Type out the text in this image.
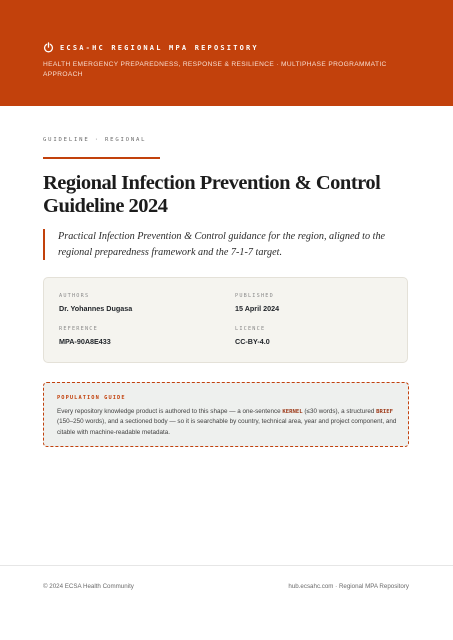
ECSA-HC REGIONAL MPA REPOSITORY
HEALTH EMERGENCY PREPAREDNESS, RESPONSE & RESILIENCE · MULTIPHASE PROGRAMMATIC APPROACH
GUIDELINE · REGIONAL
Regional Infection Prevention & Control Guideline 2024
Practical Infection Prevention & Control guidance for the region, aligned to the regional preparedness framework and the 7-1-7 target.
AUTHORS
Dr. Yohannes Dugasa
PUBLISHED
15 April 2024
REFERENCE
MPA-90A8E433
LICENCE
CC-BY-4.0
POPULATION GUIDE
Every repository knowledge product is authored to this shape — a one-sentence KERNEL (≤30 words), a structured BRIEF (150–250 words), and a sectioned body — so it is searchable by country, technical area, year and project component, and citable with machine-readable metadata.
© 2024 ECSA Health Community	hub.ecsahc.com · Regional MPA Repository
